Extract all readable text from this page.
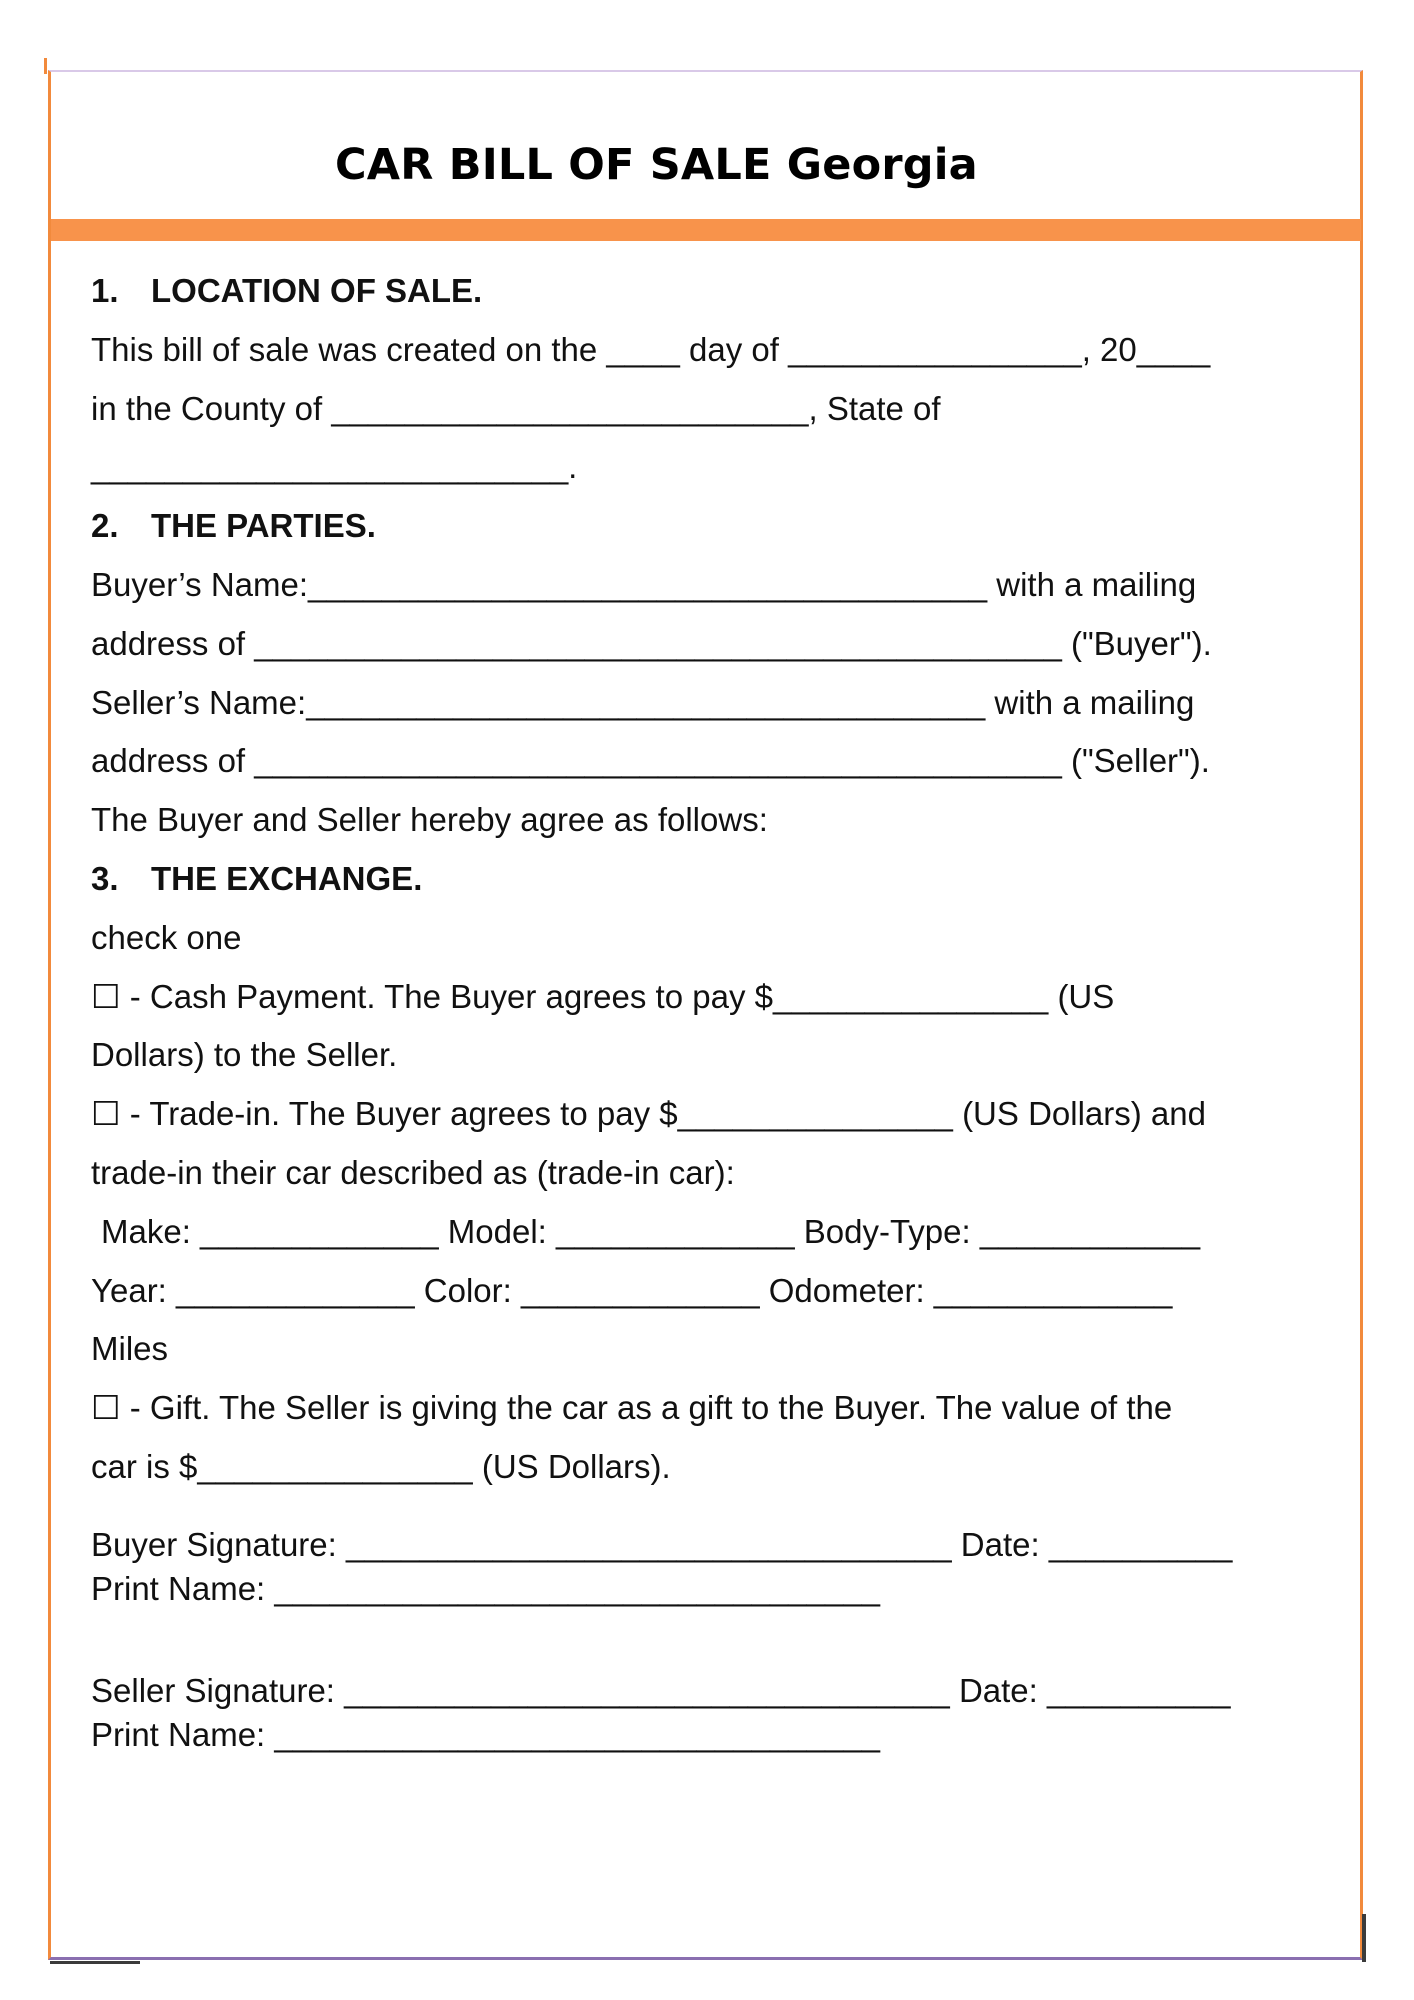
CAR BILL OF SALE Georgia
1. LOCATION OF SALE.
This bill of sale was created on the ____ day of ________________, 20____
in the County of __________________________, State of
__________________________.
2. THE PARTIES.
Buyer’s Name:_____________________________________ with a mailing
address of ____________________________________________ ("Buyer").
Seller’s Name:_____________________________________ with a mailing
address of ____________________________________________ ("Seller").
The Buyer and Seller hereby agree as follows:
3. THE EXCHANGE.
check one
☐ - Cash Payment. The Buyer agrees to pay $_______________ (US
Dollars) to the Seller.
☐ - Trade-in. The Buyer agrees to pay $_______________ (US Dollars) and
trade-in their car described as (trade-in car):
Make: _____________ Model: _____________ Body-Type: ____________
Year: _____________ Color: _____________ Odometer: _____________
Miles
☐ - Gift. The Seller is giving the car as a gift to the Buyer. The value of the
car is $_______________ (US Dollars).
Buyer Signature: _________________________________ Date: __________
Print Name: _________________________________
Seller Signature: _________________________________ Date: __________
Print Name: _________________________________
